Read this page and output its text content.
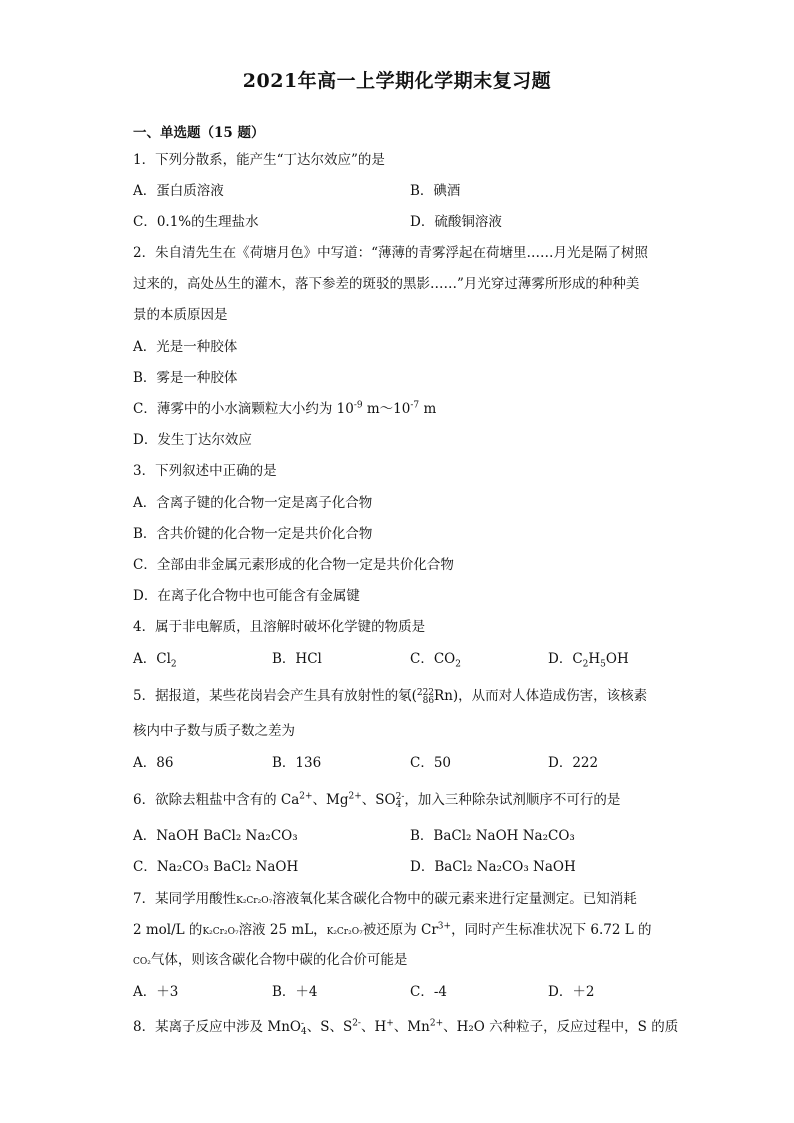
2021年高一上学期化学期末复习题
一、单选题（15 题）
1．下列分散系，能产生“丁达尔效应”的是
A．蛋白质溶液	B．碘酒
C．0.1%的生理盐水	D．硫酸铜溶液
2．朱自清先生在《荷塘月色》中写道：“薄薄的青雾浮起在荷塘里……月光是隔了树照
过来的，高处丛生的灌木，落下参差的斑驳的黑影……”月光穿过薄雾所形成的种种美
景的本质原因是
A．光是一种胶体
B．雾是一种胶体
C．薄雾中的小水滴颗粒大小约为 $10^{-9}$ $m\sim 10^{-7}$ m
D．发生丁达尔效应
3．下列叙述中正确的是
A．含离子键的化合物一定是离子化合物
B．含共价键的化合物一定是共价化合物
C．全部由非金属元素形成的化合物一定是共价化合物
D．在离子化合物中也可能含有金属键
4．属于非电解质，且溶解时破坏化学键的物质是
A．$Cl_2$	B．HCl	C．$CO_2$	D．$C_2H_5OH$
5．据报道，某些花岗岩会产生具有放射性的氡( 222
86 Rn)，从而对人体造成伤害，该核素
核内中子数与质子数之差为
A．86	B．136	C．50	D．222
6．欲除去粗盐中含有的 $Ca^{2+}$、$Mg^{2+}$、SO 2-
4 ，加入三种除杂试剂顺序不可行的是
A．NaOH BaCl₂ Na₂CO₃	B．BaCl₂ NaOH Na₂CO₃
C．Na₂CO₃ BaCl₂ NaOH	D．BaCl₂ Na₂CO₃ NaOH
7．某同学用酸性K₂Cr₂O₇溶液氧化某含碳化合物中的碳元素来进行定量测定。已知消耗
2 mol/L 的K₂Cr₂O₇溶液 25 mL，K₂Cr₂O₇被还原为 $Cr^{3+}$，同时产生标准状况下 6.72 L 的
CO₂气体，则该含碳化合物中碳的化合价可能是
A．＋3	B．＋4	C．-4	D．＋2
8．某离子反应中涉及 MnO -
4 、S、$S^{2-}$、H+、$Mn^{2+}$、H₂O 六种粒子，反应过程中，S 的质
